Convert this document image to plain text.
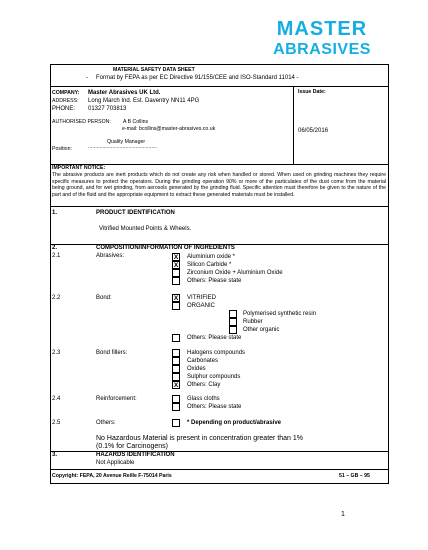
MASTER
ABRASIVES
MATERIAL SAFETY DATA SHEET
- Format by FEPA as per EC Directive 91/155/CEE and ISO-Standard 11014 -
COMPANY: Master Abrasives UK Ltd.
ADDRESS: Long March Ind. Est. Daventry NN11 4PG
PHONE: 01327 703813
AUTHORISED PERSON: A B Collins
e-mail: bcollins@master-abrasives.co.uk
Quality Manager
Position:	................................................
Issue Date:
06/05/2016
IMPORTANT NOTICE:
The abrasive products are inert products which do not create any risk when handled or stored. When used on grinding machines they require specific measures to protect the operators. During the grinding operation 90% or more of the particulates of the dust come from the material being ground, and for wet grinding, from aerosols generated by the grinding fluid. Specific attention must therefore be given to the nature of the part and of the fluid and the appropriate equipment to extract these generated materials must be installed.
1.	PRODUCT IDENTIFICATION
Vitrified Mounted Points & Wheels.
2.	COMPOSITION/INFORMATION OF INGREDIENTS
2.1	Abrasives:	X	Aluminium oxide *
X	Silicon Carbide *
Zirconium Oxide + Aluminium Oxide
Others: Please state
2.2	Bond:	X	VITRIFIED
ORGANIC
Polymerised synthetic resin
Rubber
Other organic
Others: Please state
2.3	Bond fillers:	Halogens compounds
Carbonates
Oxides
Sulphur compounds
X	Others: Clay
2.4	Reinforcement:	Glass cloths
Others: Please state
2.5	Others:	* Depending on product/abrasive
No Hazardous Material is present in concentration greater than 1%
(0.1% for Carcinogens)
3.	HAZARDS IDENTIFICATION
Not Applicable
Copyright: FEPA, 20 Avenue Reille F-75014 Paris	51 – GB – 95
1
